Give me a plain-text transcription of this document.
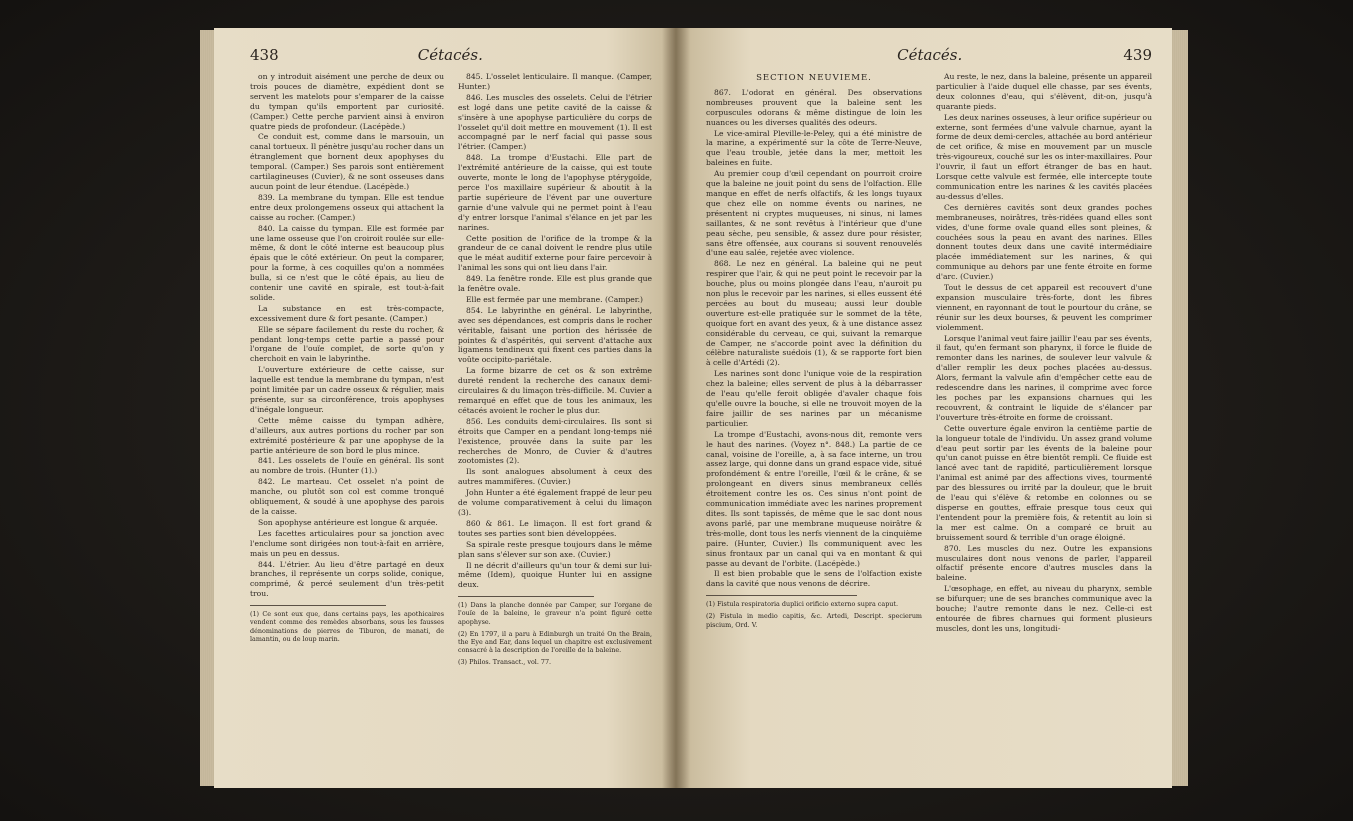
438	Cétacés.

on y introduit aisément une perche de deux ou trois pouces de diamètre, expédient dont se servent les matelots pour s'emparer de la caisse du tympan qu'ils emportent par curiosité. (Camper.) Cette perche parvient ainsi à environ quatre pieds de profondeur. (Lacépède.)

Ce conduit est, comme dans le marsouin, un canal tortueux. Il pénètre jusqu'au rocher dans un étranglement que bornent deux apophyses du temporal. (Camper.) Ses parois sont entièrement cartilagineuses (Cuvier), & ne sont osseuses dans aucun point de leur étendue. (Lacépède.)

839. La membrane du tympan. Elle est tendue entre deux prolongemens osseux qui attachent la caisse au rocher. (Camper.)

840. La caisse du tympan. Elle est formée par une lame osseuse que l'on croiroit roulée sur elle-même, & dont le côté interne est beaucoup plus épais que le côté extérieur. On peut la comparer, pour la forme, à ces coquilles qu'on a nommées bulla, si ce n'est que le côté épais, au lieu de contenir une cavité en spirale, est tout-à-fait solide.

La substance en est très-compacte, excessivement dure & fort pesante. (Camper.)

Elle se sépare facilement du reste du rocher, & pendant long-temps cette partie a passé pour l'organe de l'ouïe complet, de sorte qu'on y cherchoit en vain le labyrinthe.

L'ouverture extérieure de cette caisse, sur laquelle est tendue la membrane du tympan, n'est point limitée par un cadre osseux & régulier, mais présente, sur sa circonférence, trois apophyses d'inégale longueur.

Cette même caisse du tympan adhère, d'ailleurs, aux autres portions du rocher par son extrémité postérieure & par une apophyse de la partie antérieure de son bord le plus mince.

841. Les osselets de l'ouïe en général. Ils sont au nombre de trois. (Hunter (1).)

842. Le marteau. Cet osselet n'a point de manche, ou plutôt son col est comme tronqué obliquement, & soudé à une apophyse des parois de la caisse.

Son apophyse antérieure est longue & arquée.

Les facettes articulaires pour sa jonction avec l'enclume sont dirigées non tout-à-fait en arrière, mais un peu en dessus.

844. L'étrier. Au lieu d'être partagé en deux branches, il représente un corps solide, conique, comprimé, & percé seulement d'un très-petit trou.

(1) Ce sont eux que, dans certains pays, les apothicaires vendent comme des remèdes absorbans, sous les fausses dénominations de pierres de Tiburon, de manati, de lamantin, ou de loup marin.

845. L'osselet lenticulaire. Il manque. (Camper, Hunter.)

846. Les muscles des osselets. Celui de l'étrier est logé dans une petite cavité de la caisse & s'insère à une apophyse particulière du corps de l'osselet qu'il doit mettre en mouvement (1). Il est accompagné par le nerf facial qui passe sous l'étrier. (Camper.)

848. La trompe d'Eustachi. Elle part de l'extrémité antérieure de la caisse, qui est toute ouverte, monte le long de l'apophyse ptérygoïde, perce l'os maxillaire supérieur & aboutit à la partie supérieure de l'évent par une ouverture garnie d'une valvule qui ne permet point à l'eau d'y entrer lorsque l'animal s'élance en jet par les narines.

Cette position de l'orifice de la trompe & la grandeur de ce canal doivent le rendre plus utile que le méat auditif externe pour faire percevoir à l'animal les sons qui ont lieu dans l'air.

849. La fenêtre ronde. Elle est plus grande que la fenêtre ovale.

Elle est fermée par une membrane. (Camper.)

854. Le labyrinthe en général. Le labyrinthe, avec ses dépendances, est compris dans le rocher véritable, faisant une portion des hérissée de pointes & d'aspérités, qui servent d'attache aux ligamens tendineux qui fixent ces parties dans la voûte occipito-pariétale.

La forme bizarre de cet os & son extrême dureté rendent la recherche des canaux demi-circulaires & du limaçon très-difficile. M. Cuvier a remarqué en effet que de tous les animaux, les cétacés avoient le rocher le plus dur.

856. Les conduits demi-circulaires. Ils sont si étroits que Camper en a pendant long-temps nié l'existence, prouvée dans la suite par les recherches de Monro, de Cuvier & d'autres zootomistes (2).

Ils sont analogues absolument à ceux des autres mammifères. (Cuvier.)

John Hunter a été également frappé de leur peu de volume comparativement à celui du limaçon (3).

860 & 861. Le limaçon. Il est fort grand & toutes ses parties sont bien développées.

Sa spirale reste presque toujours dans le même plan sans s'élever sur son axe. (Cuvier.)

Il ne décrit d'ailleurs qu'un tour & demi sur lui-même (Idem), quoique Hunter lui en assigne deux.

(1) Dans la planche donnée par Camper, sur l'organe de l'ouïe de la baleine, le graveur n'a point figuré cette apophyse.

(2) En 1797, il a paru à Edinburgh un traité On the Brain, the Eye and Ear, dans lequel un chapitre est exclusivement consacré à la description de l'oreille de la baleine.

(3) Philos. Transact., vol. 77.

Cétacés.	439

SECTION NEUVIEME.

867. L'odorat en général. Des observations nombreuses prouvent que la baleine sent les corpuscules odorans & même distingue de loin les nuances ou les diverses qualités des odeurs.

Le vice-amiral Pleville-le-Peley, qui a été ministre de la marine, a expérimenté sur la côte de Terre-Neuve, que l'eau trouble, jetée dans la mer, mettoit les baleines en fuite.

Au premier coup d'œil cependant on pourroit croire que la baleine ne jouit point du sens de l'olfaction. Elle manque en effet de nerfs olfactifs, & les longs tuyaux que chez elle on nomme évents ou narines, ne présentent ni cryptes muqueuses, ni sinus, ni lames saillantes, & ne sont revêtus à l'intérieur que d'une peau sèche, peu sensible, & assez dure pour résister, sans être offensée, aux courans si souvent renouvelés d'une eau salée, rejetée avec violence.

868. Le nez en général. La baleine qui ne peut respirer que l'air, & qui ne peut point le recevoir par la bouche, plus ou moins plongée dans l'eau, n'auroit pu non plus le recevoir par les narines, si elles eussent été percées au bout du museau; aussi leur double ouverture est-elle pratiquée sur le sommet de la tête, quoique fort en avant des yeux, & à une distance assez considérable du cerveau, ce qui, suivant la remarque de Camper, ne s'accorde point avec la définition du célèbre naturaliste suédois (1), & se rapporte fort bien à celle d'Artédi (2).

Les narines sont donc l'unique voie de la respiration chez la baleine; elles servent de plus à la débarrasser de l'eau qu'elle feroit obligée d'avaler chaque fois qu'elle ouvre la bouche, si elle ne trouvoit moyen de la faire jaillir de ses narines par un mécanisme particulier.

La trompe d'Eustachi, avons-nous dit, remonte vers le haut des narines. (Voyez n°. 848.) La partie de ce canal, voisine de l'oreille, a, à sa face interne, un trou assez large, qui donne dans un grand espace vide, situé profondément & entre l'oreille, l'œil & le crâne, & se prolongeant en divers sinus membraneux cellés étroitement contre les os. Ces sinus n'ont point de communication immédiate avec les narines proprement dites. Ils sont tapissés, de même que le sac dont nous avons parlé, par une membrane muqueuse noirâtre & très-molle, dont tous les nerfs viennent de la cinquième paire. (Hunter, Cuvier.) Ils communiquent avec les sinus frontaux par un canal qui va en montant & qui passe au devant de l'orbite. (Lacépède.)

Il est bien probable que le sens de l'olfaction existe dans la cavité que nous venons de décrire.

(1) Fistula respiratoria duplici orificio externo supra caput.

(2) Fistula in medio capitis, &c. Artedi, Descript. specierum piscium, Ord. V.

Au reste, le nez, dans la baleine, présente un appareil particulier à l'aide duquel elle chasse, par ses évents, deux colonnes d'eau, qui s'élèvent, dit-on, jusqu'à quarante pieds.

Les deux narines osseuses, à leur orifice supérieur ou externe, sont fermées d'une valvule charnue, ayant la forme de deux demi-cercles, attachée au bord antérieur de cet orifice, & mise en mouvement par un muscle très-vigoureux, couché sur les os inter-maxillaires. Pour l'ouvrir, il faut un effort étranger de bas en haut. Lorsque cette valvule est fermée, elle intercepte toute communication entre les narines & les cavités placées au-dessus d'elles.

Ces dernières cavités sont deux grandes poches membraneuses, noirâtres, très-ridées quand elles sont vides, d'une forme ovale quand elles sont pleines, & couchées sous la peau en avant des narines. Elles donnent toutes deux dans une cavité intermédiaire placée immédiatement sur les narines, & qui communique au dehors par une fente étroite en forme d'arc. (Cuvier.)

Tout le dessus de cet appareil est recouvert d'une expansion musculaire très-forte, dont les fibres viennent, en rayonnant de tout le pourtour du crâne, se réunir sur les deux bourses, & peuvent les comprimer violemment.

Lorsque l'animal veut faire jaillir l'eau par ses évents, il faut, qu'en fermant son pharynx, il force le fluide de remonter dans les narines, de soulever leur valvule & d'aller remplir les deux poches placées au-dessus. Alors, fermant la valvule afin d'empêcher cette eau de redescendre dans les narines, il comprime avec force les poches par les expansions charnues qui les recouvrent, & contraint le liquide de s'élancer par l'ouverture très-étroite en forme de croissant.

Cette ouverture égale environ la centième partie de la longueur totale de l'individu. Un assez grand volume d'eau peut sortir par les évents de la baleine pour qu'un canot puisse en être bientôt rempli. Ce fluide est lancé avec tant de rapidité, particulièrement lorsque l'animal est animé par des affections vives, tourmenté par des blessures ou irrité par la douleur, que le bruit de l'eau qui s'élève & retombe en colonnes ou se disperse en gouttes, effraie presque tous ceux qui l'entendent pour la première fois, & retentit au loin si la mer est calme. On a comparé ce bruit au bruissement sourd & terrible d'un orage éloigné.

870. Les muscles du nez. Outre les expansions musculaires dont nous venons de parler, l'appareil olfactif présente encore d'autres muscles dans la baleine.

L'œsophage, en effet, au niveau du pharynx, semble se bifurquer; une de ses branches communique avec la bouche; l'autre remonte dans le nez. Celle-ci est entourée de fibres charnues qui forment plusieurs muscles, dont les uns, longitudi-
